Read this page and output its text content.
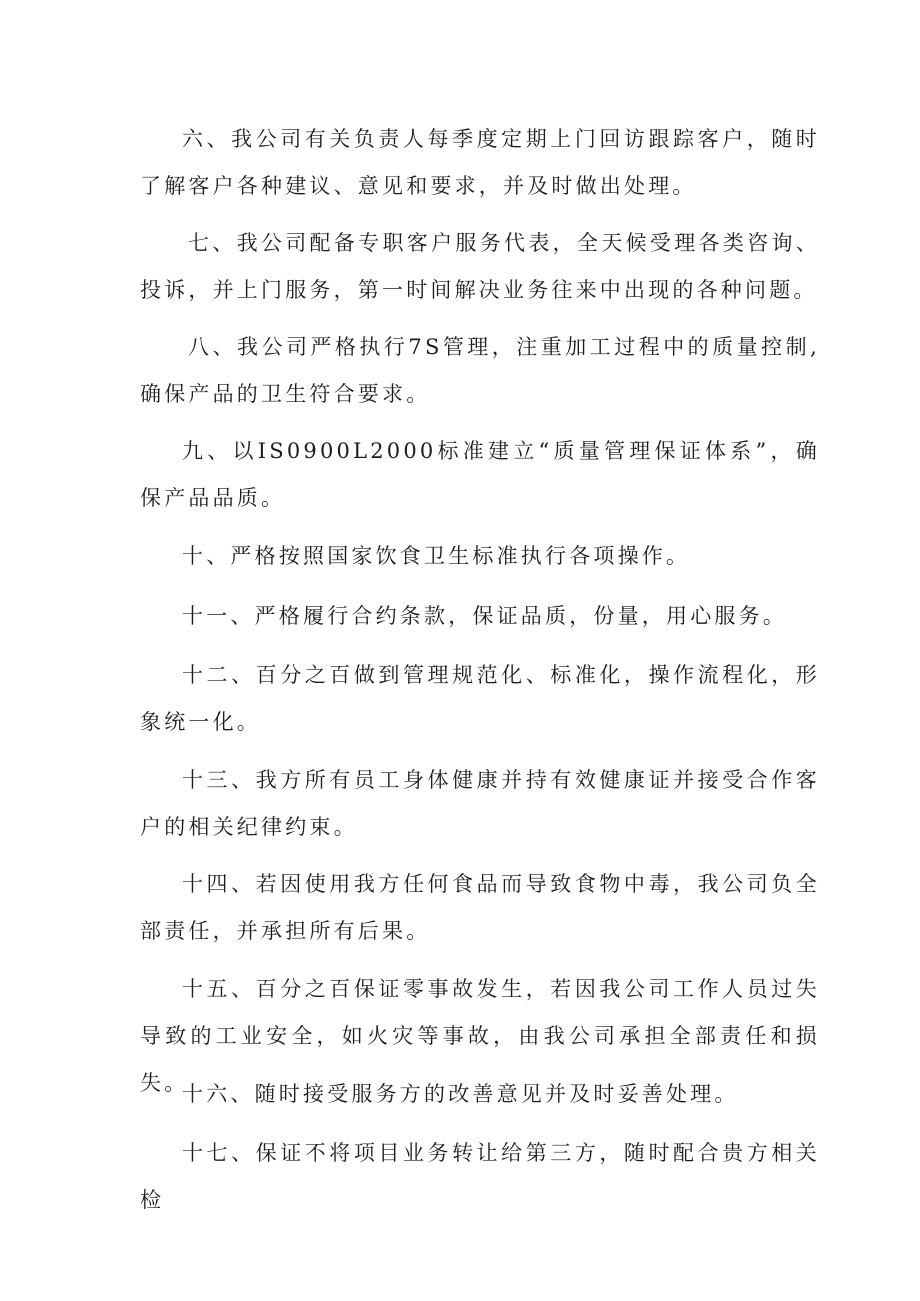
六、我公司有关负责人每季度定期上门回访跟踪客户，随时了解客户各种建议、意见和要求，并及时做出处理。

七、我公司配备专职客户服务代表，全天候受理各类咨询、投诉，并上门服务，第一时间解决业务往来中出现的各种问题。

八、我公司严格执行7S管理，注重加工过程中的质量控制,确保产品的卫生符合要求。

九、以IS0900L2000标准建立“质量管理保证体系”，确保产品品质。

十、严格按照国家饮食卫生标准执行各项操作。

十一、严格履行合约条款，保证品质，份量，用心服务。

十二、百分之百做到管理规范化、标准化，操作流程化，形象统一化。

十三、我方所有员工身体健康并持有效健康证并接受合作客户的相关纪律约束。

十四、若因使用我方任何食品而导致食物中毒，我公司负全部责任，并承担所有后果。

十五、百分之百保证零事故发生，若因我公司工作人员过失导致的工业安全，如火灾等事故，由我公司承担全部责任和损失。

十六、随时接受服务方的改善意见并及时妥善处理。

十七、保证不将项目业务转让给第三方，随时配合贵方相关检
